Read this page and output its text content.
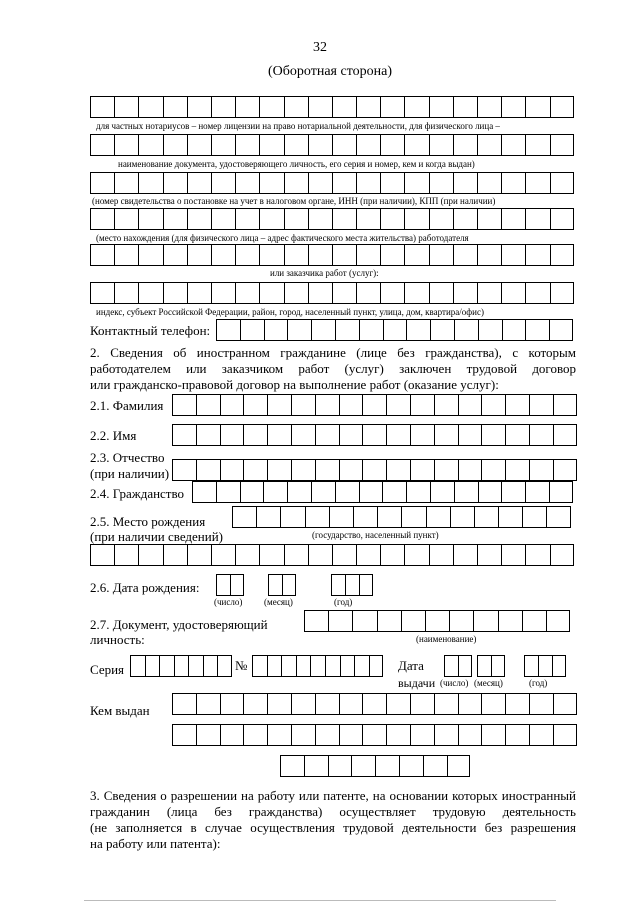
32
(Оборотная сторона)
для частных нотариусов – номер лицензии на право нотариальной деятельности, для физического лица –
наименование документа, удостоверяющего личность, его серия и номер, кем и когда выдан)
(номер свидетельства о постановке на учет в налоговом органе, ИНН (при наличии), КПП (при наличии)
(место нахождения (для физического лица – адрес фактического места жительства) работодателя
или заказчика работ (услуг):
индекс, субъект Российской Федерации, район, город, населенный пункт, улица, дом, квартира/офис)
Контактный телефон:
2. Сведения об иностранном гражданине (лице без гражданства), с которым
работодателем или заказчиком работ (услуг) заключен трудовой договор
или гражданско-правовой договор на выполнение работ (оказание услуг):
2.1. Фамилия
2.2. Имя
2.3. Отчество
(при наличии)
2.4. Гражданство
2.5. Место рождения
(при наличии сведений)	(государство, населенный пункт)
2.6. Дата рождения:
(число) (месяц)	(год)
2.7. Документ, удостоверяющий
личность:	(наименование)
Серия	№	Дата
выдачи (число) (месяц)	(год)
Кем выдан
3. Сведения о разрешении на работу или патенте, на основании которых иностранный
гражданин (лица без гражданства) осуществляет трудовую деятельность
(не заполняется в случае осуществления трудовой деятельности без разрешения
на работу или патента):
